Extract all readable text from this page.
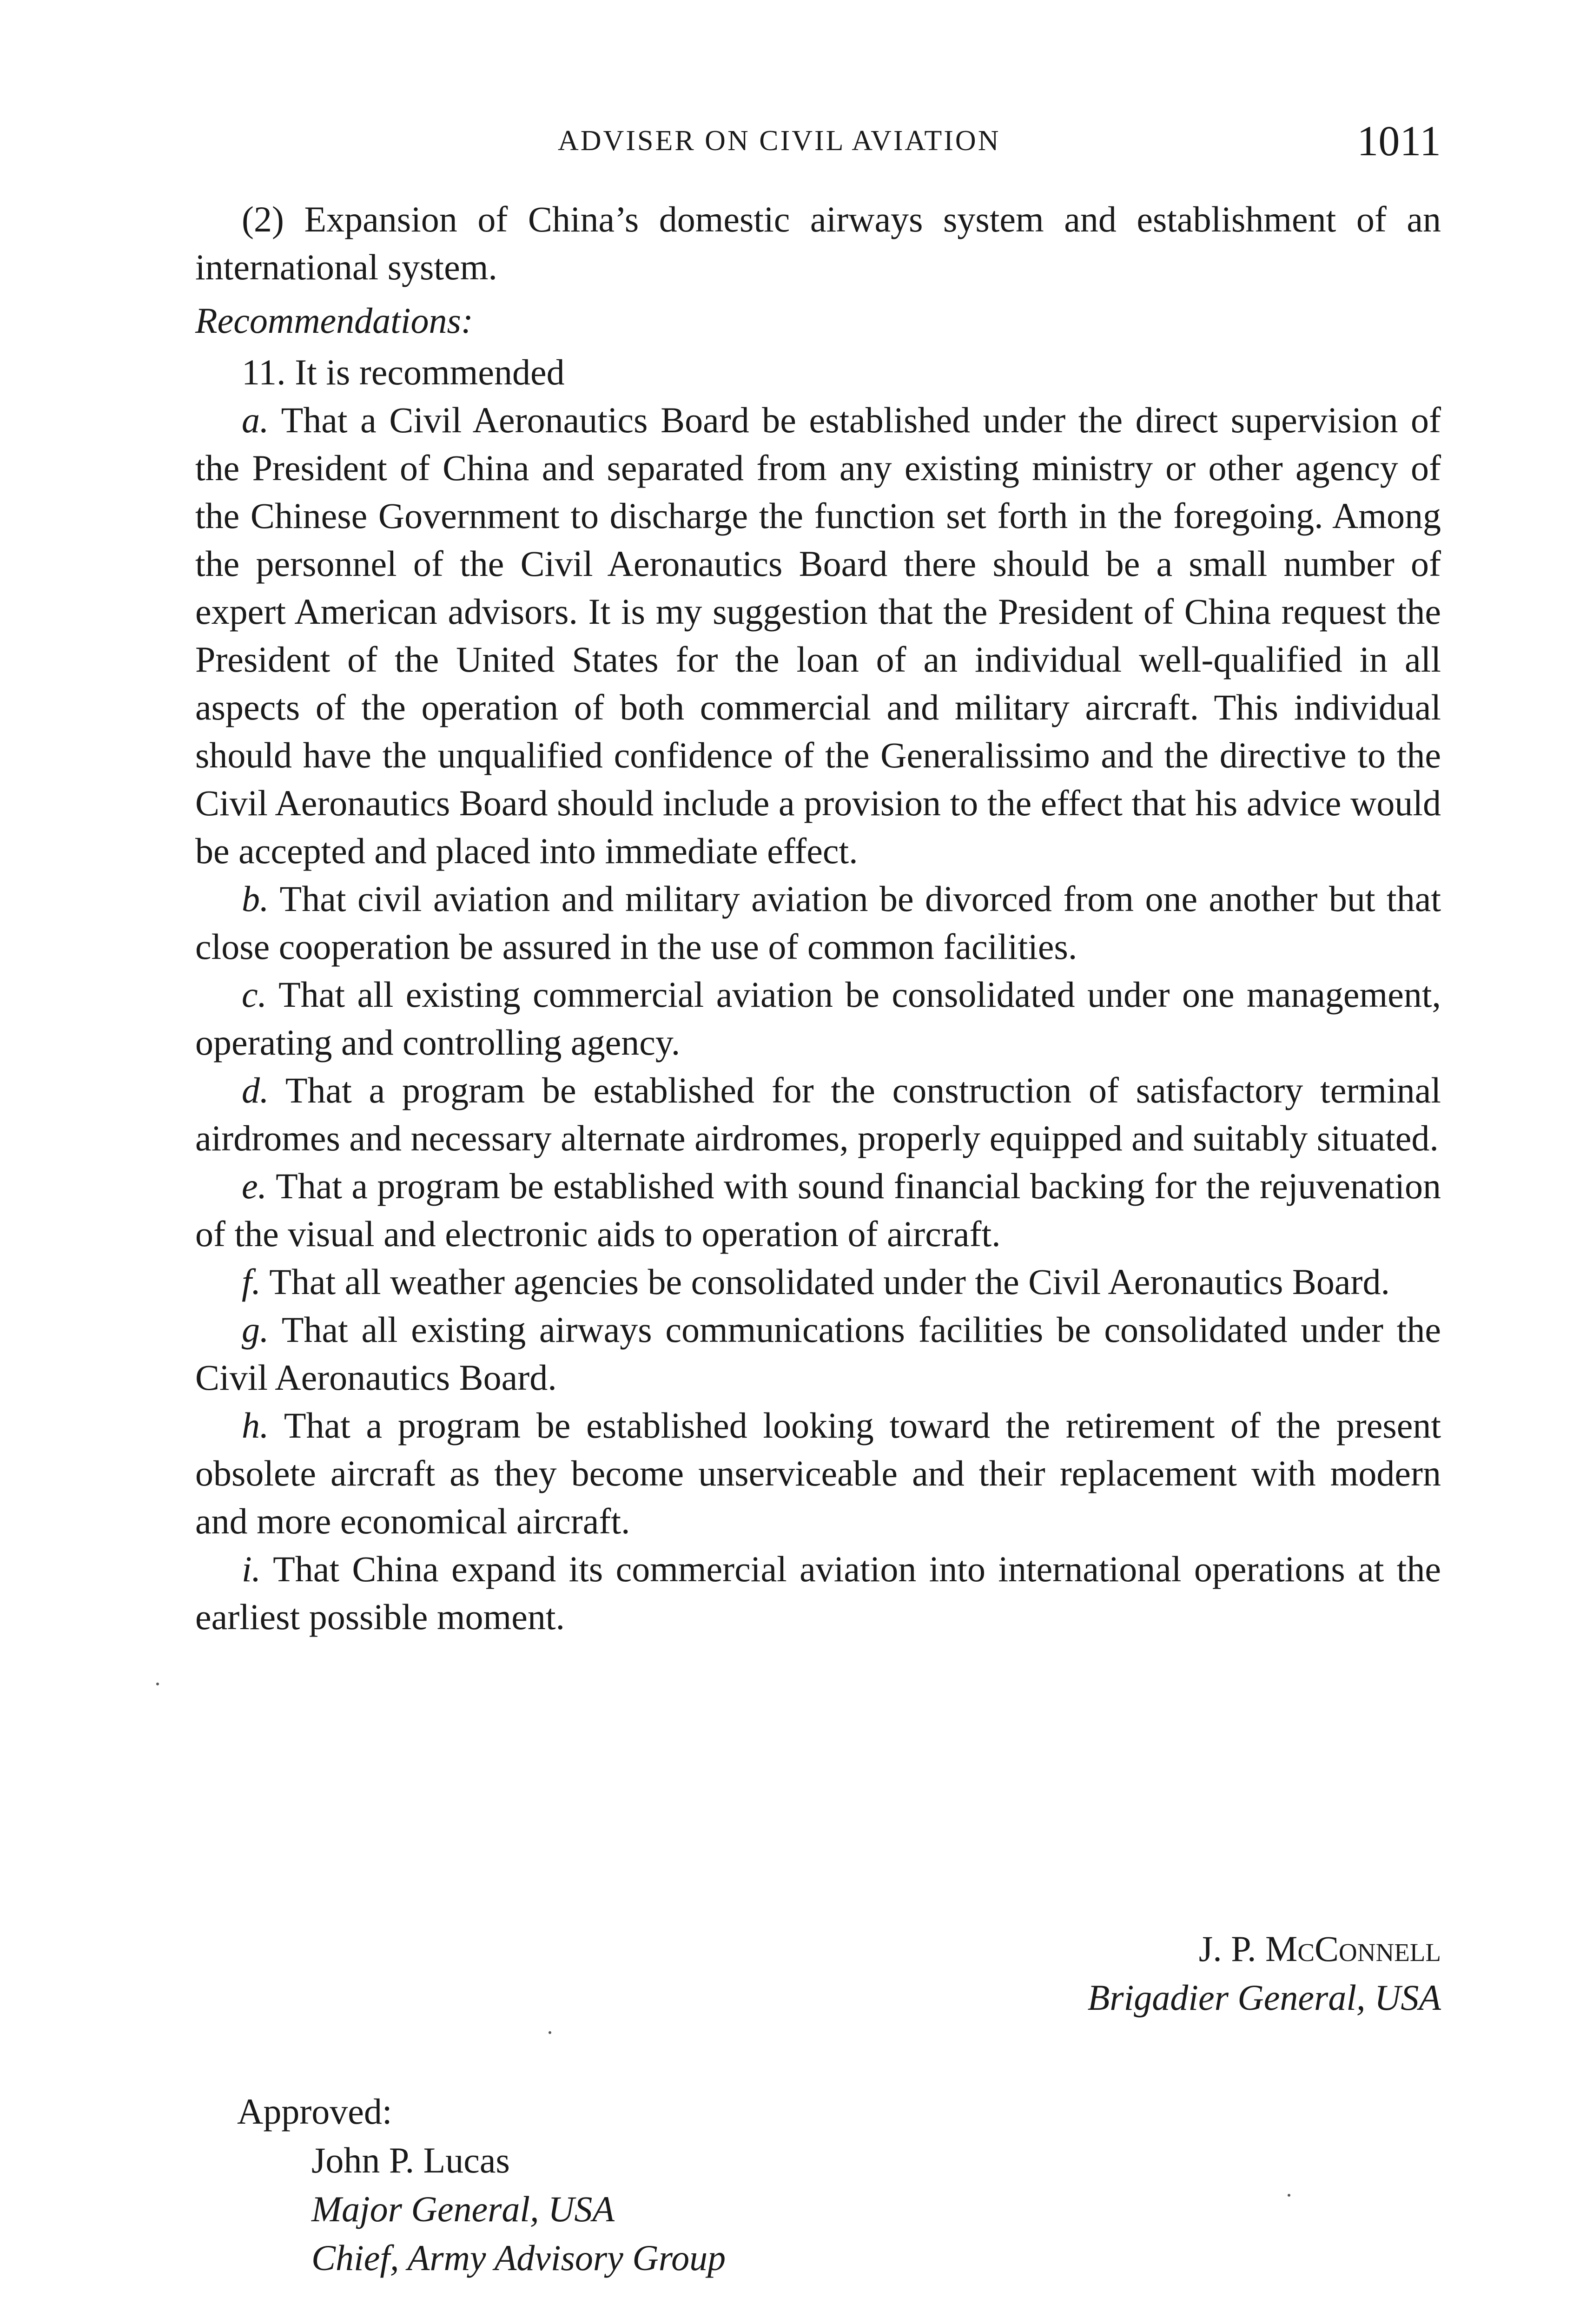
ADVISER ON CIVIL AVIATION	1011

(2) Expansion of China’s domestic airways system and establishment of an international system.

Recommendations:

11. It is recommended

a. That a Civil Aeronautics Board be established under the direct supervision of the President of China and separated from any existing ministry or other agency of the Chinese Government to discharge the function set forth in the foregoing. Among the personnel of the Civil Aeronautics Board there should be a small number of expert American advisors. It is my suggestion that the President of China request the President of the United States for the loan of an individual well-qualified in all aspects of the operation of both commercial and military aircraft. This individual should have the unqualified confidence of the Generalissimo and the directive to the Civil Aeronautics Board should include a provision to the effect that his advice would be accepted and placed into immediate effect.

b. That civil aviation and military aviation be divorced from one another but that close cooperation be assured in the use of common facilities.

c. That all existing commercial aviation be consolidated under one management, operating and controlling agency.

d. That a program be established for the construction of satisfactory terminal airdromes and necessary alternate airdromes, properly equipped and suitably situated.

e. That a program be established with sound financial backing for the rejuvenation of the visual and electronic aids to operation of aircraft.

f. That all weather agencies be consolidated under the Civil Aeronautics Board.

g. That all existing airways communications facilities be consolidated under the Civil Aeronautics Board.

h. That a program be established looking toward the retirement of the present obsolete aircraft as they become unserviceable and their replacement with modern and more economical aircraft.

i. That China expand its commercial aviation into international operations at the earliest possible moment.

J. P. McConnell
Brigadier General, USA
Approved:
John P. Lucas
Major General, USA
Chief, Army Advisory Group
